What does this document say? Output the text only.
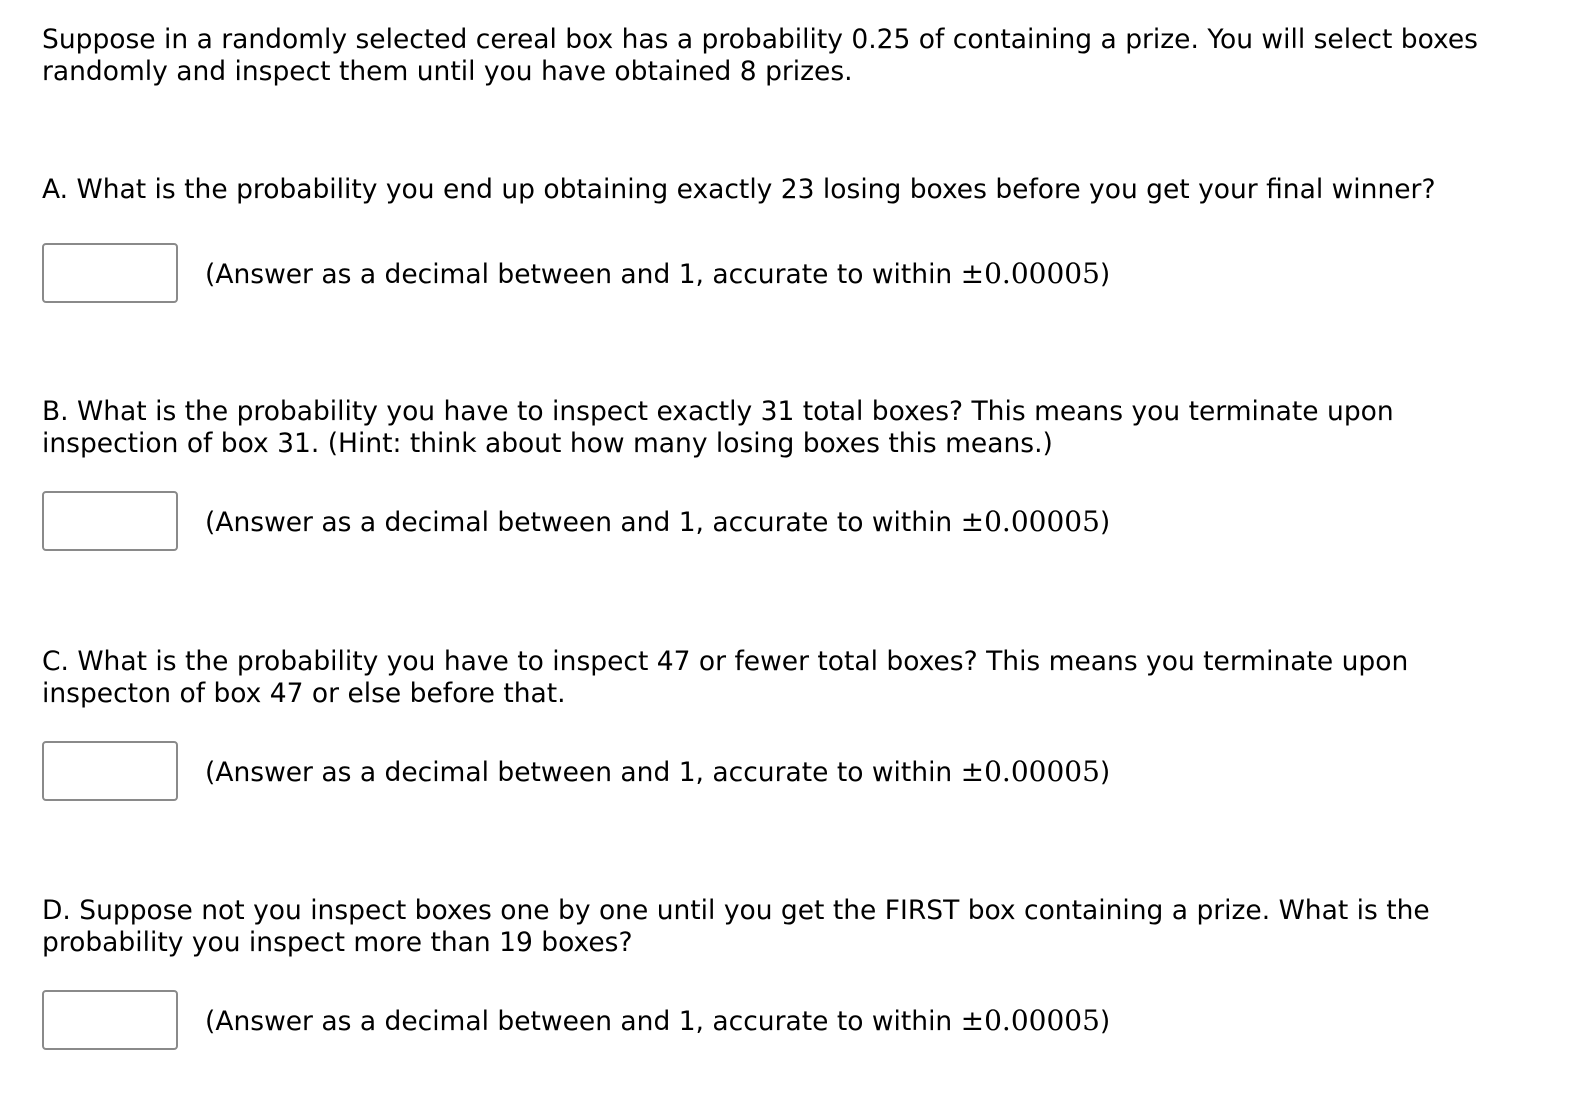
Suppose in a randomly selected cereal box has a probability 0.25 of containing a prize. You will select boxes
randomly and inspect them until you have obtained 8 prizes.

A. What is the probability you end up obtaining exactly 23 losing boxes before you get your final winner?

(Answer as a decimal between and 1, accurate to within ±0.00005)

B. What is the probability you have to inspect exactly 31 total boxes? This means you terminate upon
inspection of box 31. (Hint: think about how many losing boxes this means.)

(Answer as a decimal between and 1, accurate to within ±0.00005)

C. What is the probability you have to inspect 47 or fewer total boxes? This means you terminate upon
inspecton of box 47 or else before that.

(Answer as a decimal between and 1, accurate to within ±0.00005)

D. Suppose not you inspect boxes one by one until you get the FIRST box containing a prize. What is the
probability you inspect more than 19 boxes?

(Answer as a decimal between and 1, accurate to within ±0.00005)
